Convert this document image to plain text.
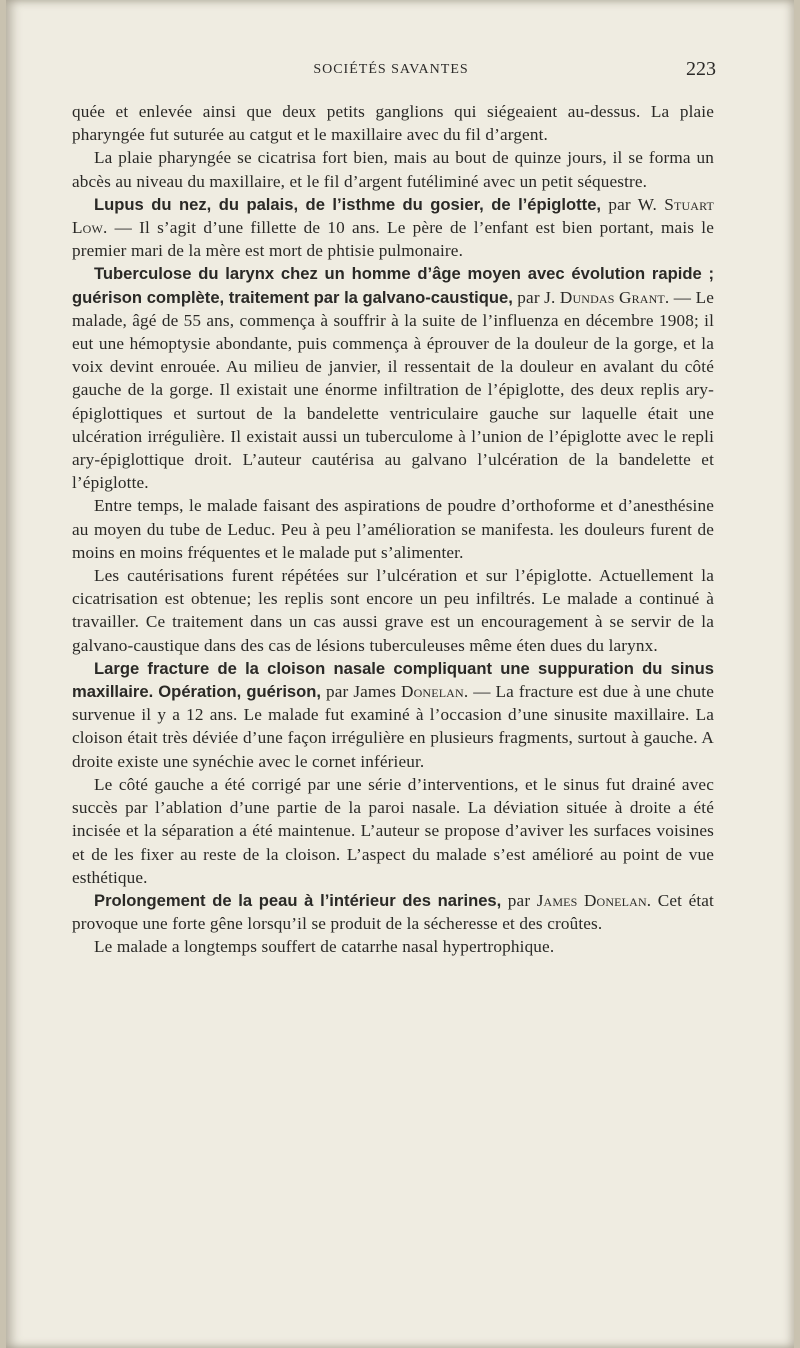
SOCIÉTÉS SAVANTES	223

quée et enlevée ainsi que deux petits ganglions qui siégeaient au-dessus. La plaie pharyngée fut suturée au catgut et le maxillaire avec du fil d’argent.

La plaie pharyngée se cicatrisa fort bien, mais au bout de quinze jours, il se forma un abcès au niveau du maxillaire, et le fil d’argent futéliminé avec un petit séquestre.

Lupus du nez, du palais, de l’isthme du gosier, de l’épiglotte, par W. Stuart Low. — Il s’agit d’une fillette de 10 ans. Le père de l’enfant est bien portant, mais le premier mari de la mère est mort de phtisie pulmonaire.

Tuberculose du larynx chez un homme d’âge moyen avec évolution rapide ; guérison complète, traitement par la galvano-caustique, par J. Dundas Grant. — Le malade, âgé de 55 ans, commença à souffrir à la suite de l’influenza en décembre 1908; il eut une hémoptysie abondante, puis commença à éprouver de la douleur de la gorge, et la voix devint enrouée. Au milieu de janvier, il ressentait de la douleur en avalant du côté gauche de la gorge. Il existait une énorme infiltration de l’épiglotte, des deux replis ary-épiglottiques et surtout de la bandelette ventriculaire gauche sur laquelle était une ulcération irrégulière. Il existait aussi un tuberculome à l’union de l’épiglotte avec le repli ary-épiglottique droit. L’auteur cautérisa au galvano l’ulcération de la bandelette et l’épiglotte.

Entre temps, le malade faisant des aspirations de poudre d’orthoforme et d’anesthésine au moyen du tube de Leduc. Peu à peu l’amélioration se manifesta. les douleurs furent de moins en moins fréquentes et le malade put s’alimenter.

Les cautérisations furent répétées sur l’ulcération et sur l’épiglotte. Actuellement la cicatrisation est obtenue; les replis sont encore un peu infiltrés. Le malade a continué à travailler. Ce traitement dans un cas aussi grave est un encouragement à se servir de la galvano-caustique dans des cas de lésions tuberculeuses même éten dues du larynx.

Large fracture de la cloison nasale compliquant une suppuration du sinus maxillaire. Opération, guérison, par James Donelan. — La fracture est due à une chute survenue il y a 12 ans. Le malade fut examiné à l’occasion d’une sinusite maxillaire. La cloison était très déviée d’une façon irrégulière en plusieurs fragments, surtout à gauche. A droite existe une synéchie avec le cornet inférieur.

Le côté gauche a été corrigé par une série d’interventions, et le sinus fut drainé avec succès par l’ablation d’une partie de la paroi nasale. La déviation située à droite a été incisée et la séparation a été maintenue. L’auteur se propose d’aviver les surfaces voisines et de les fixer au reste de la cloison. L’aspect du malade s’est amélioré au point de vue esthétique.

Prolongement de la peau à l’intérieur des narines, par James Donelan. Cet état provoque une forte gêne lorsqu’il se produit de la sécheresse et des croûtes.

Le malade a longtemps souffert de catarrhe nasal hypertrophique.
